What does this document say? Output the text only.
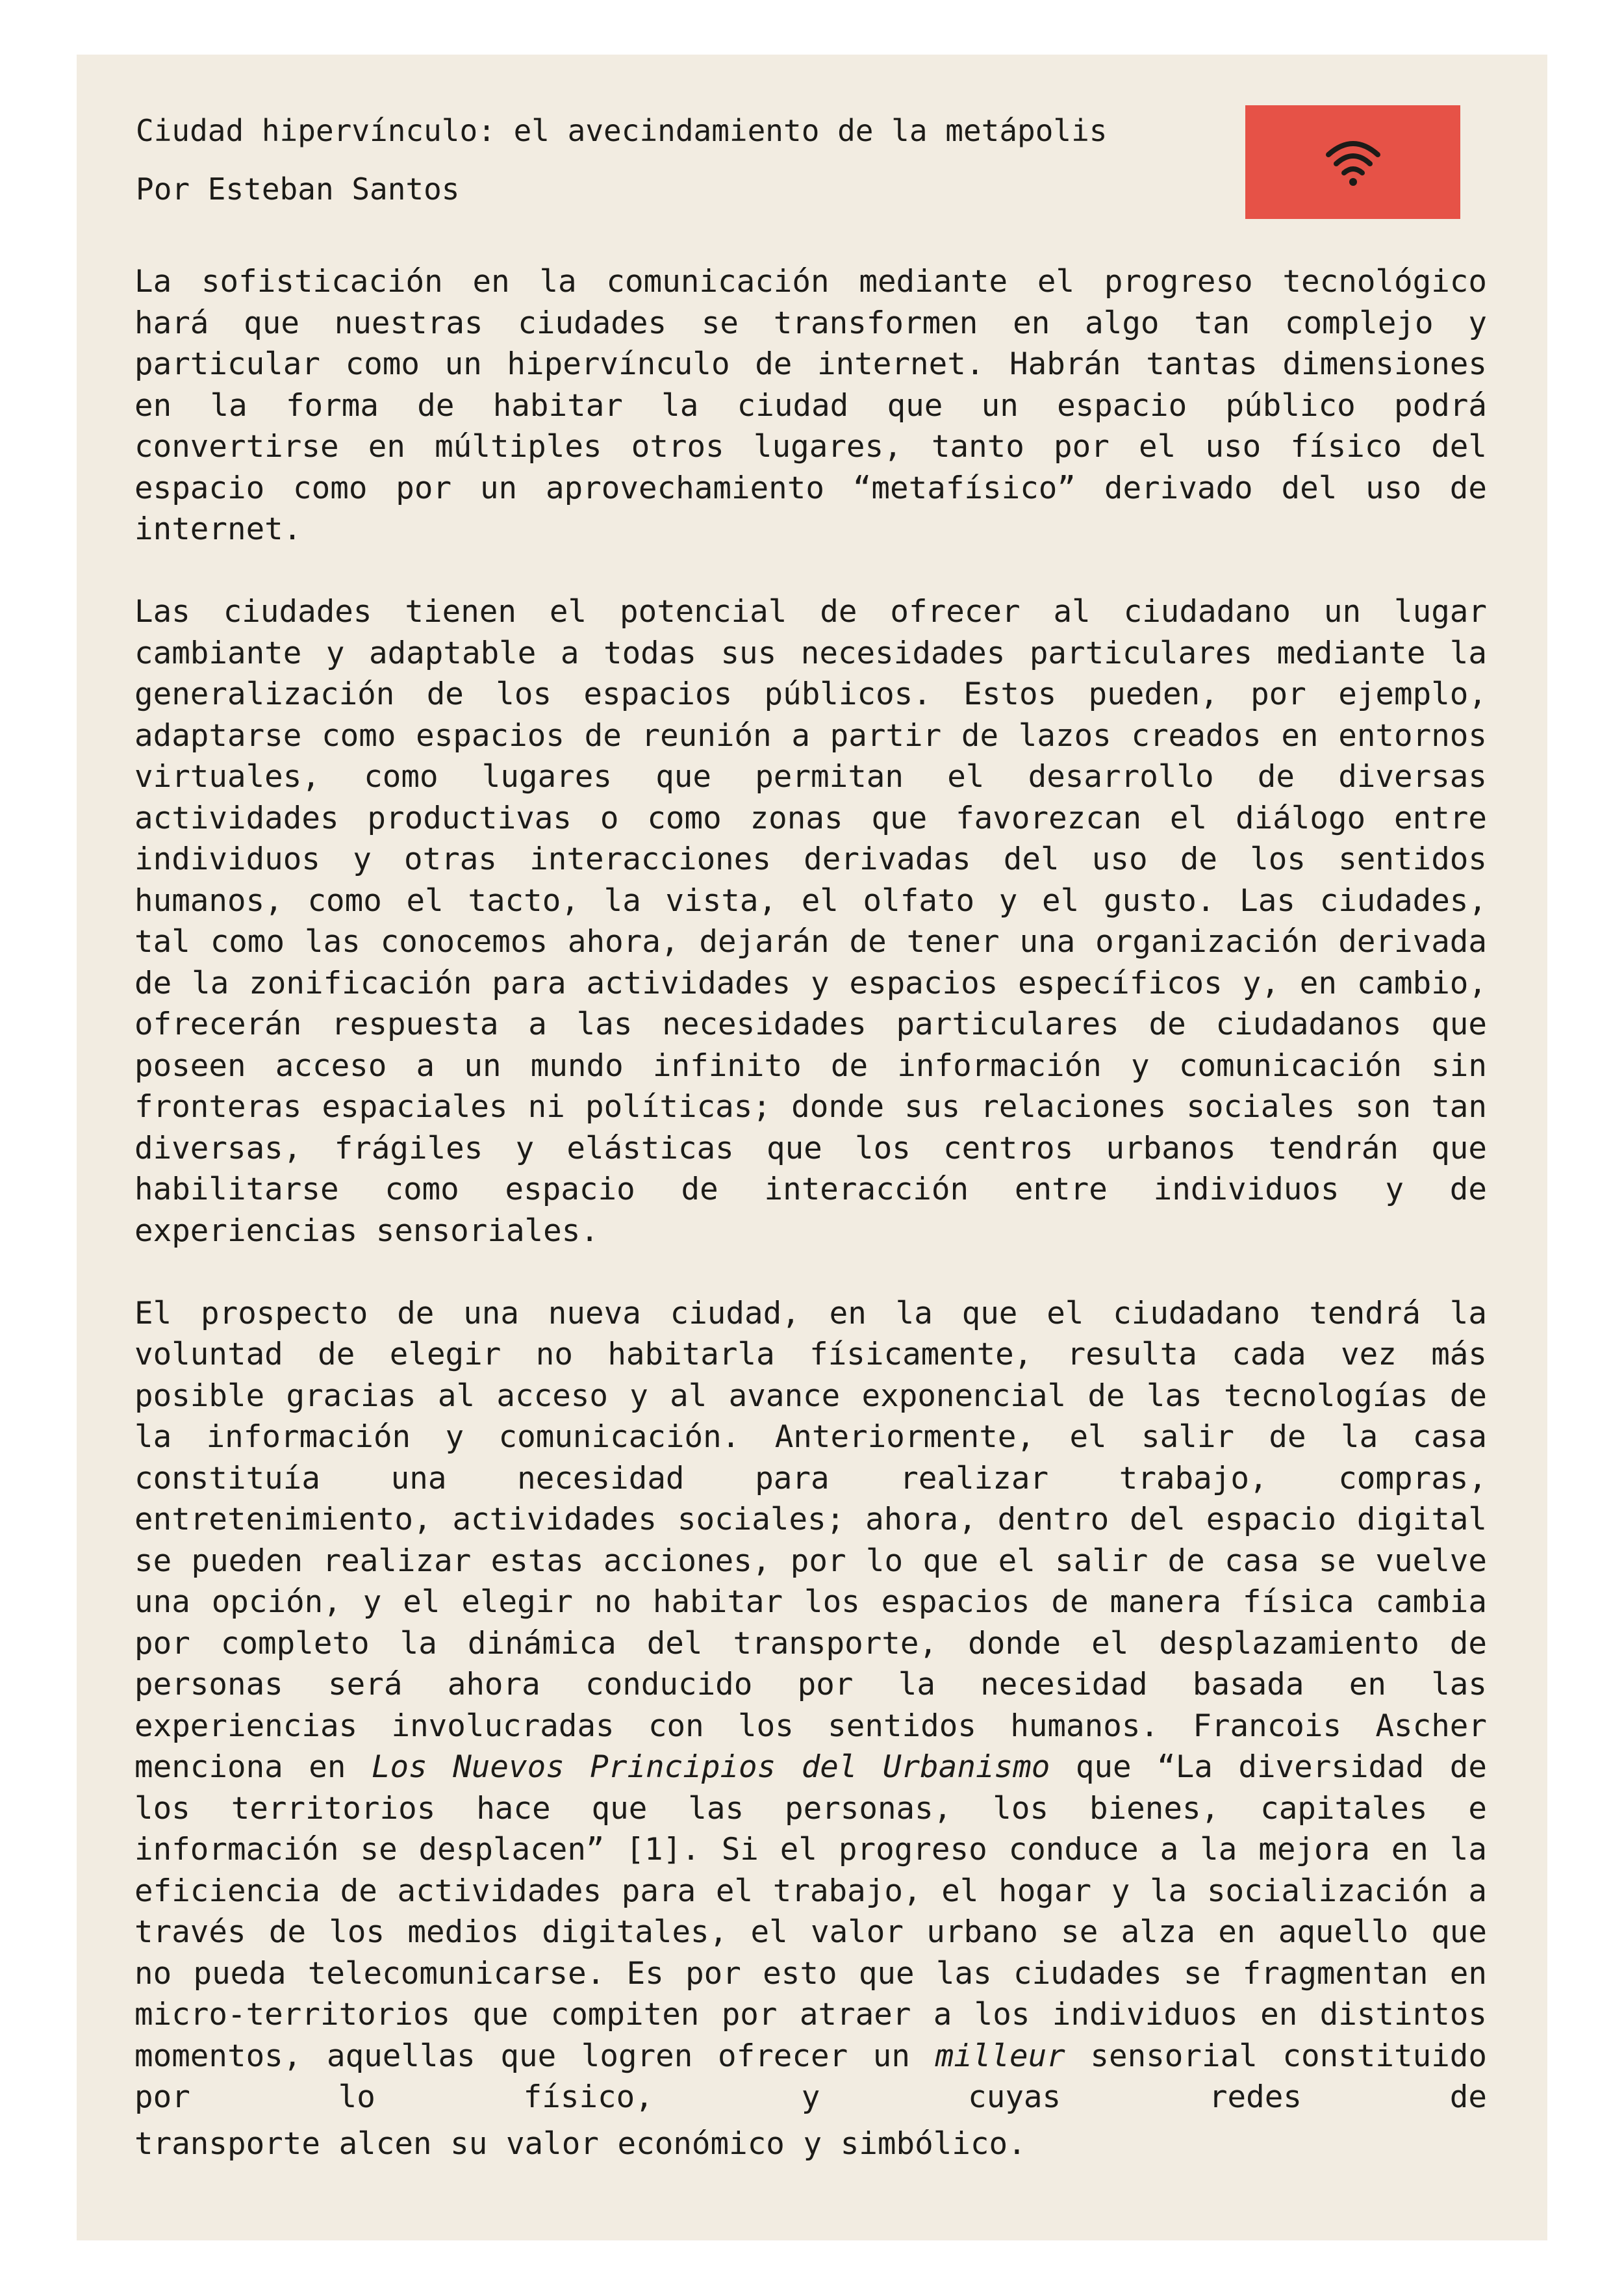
Ciudad hipervínculo: el avecindamiento de la metápolis
Por Esteban Santos

La sofisticación en la comunicación mediante el progreso tecnológico hará que nuestras ciudades se transformen en algo tan complejo y particular como un hipervínculo de internet. Habrán tantas dimensiones en la forma de habitar la ciudad que un espacio público podrá convertirse en múltiples otros lugares, tanto por el uso físico del espacio como por un aprovechamiento “metafísico” derivado del uso de internet.

Las ciudades tienen el potencial de ofrecer al ciudadano un lugar cambiante y adaptable a todas sus necesidades particulares mediante la generalización de los espacios públicos. Estos pueden, por ejemplo, adaptarse como espacios de reunión a partir de lazos creados en entornos virtuales, como lugares que permitan el desarrollo de diversas actividades productivas o como zonas que favorezcan el diálogo entre individuos y otras interacciones derivadas del uso de los sentidos humanos, como el tacto, la vista, el olfato y el gusto. Las ciudades, tal como las conocemos ahora, dejarán de tener una organización derivada de la zonificación para actividades y espacios específicos y, en cambio, ofrecerán respuesta a las necesidades particulares de ciudadanos que poseen acceso a un mundo infinito de información y comunicación sin fronteras espaciales ni políticas; donde sus relaciones sociales son tan diversas, frágiles y elásticas que los centros urbanos tendrán que habilitarse como espacio de interacción entre individuos y de experiencias sensoriales.

El prospecto de una nueva ciudad, en la que el ciudadano tendrá la voluntad de elegir no habitarla físicamente, resulta cada vez más posible gracias al acceso y al avance exponencial de las tecnologías de la información y comunicación. Anteriormente, el salir de la casa constituía una necesidad para realizar trabajo, compras, entretenimiento, actividades sociales; ahora, dentro del espacio digital se pueden realizar estas acciones, por lo que el salir de casa se vuelve una opción, y el elegir no habitar los espacios de manera física cambia por completo la dinámica del transporte, donde el desplazamiento de personas será ahora conducido por la necesidad basada en las experiencias involucradas con los sentidos humanos. Francois Ascher menciona en Los Nuevos Principios del Urbanismo que “La diversidad de los territorios hace que las personas, los bienes, capitales e información se desplacen” [1]. Si el progreso conduce a la mejora en la eficiencia de actividades para el trabajo, el hogar y la socialización a través de los medios digitales, el valor urbano se alza en aquello que no pueda telecomunicarse. Es por esto que las ciudades se fragmentan en micro-territorios que compiten por atraer a los individuos en distintos momentos, aquellas que logren ofrecer un milleur sensorial constituido por lo físico, y cuyas redes de transporte alcen su valor económico y simbólico.
